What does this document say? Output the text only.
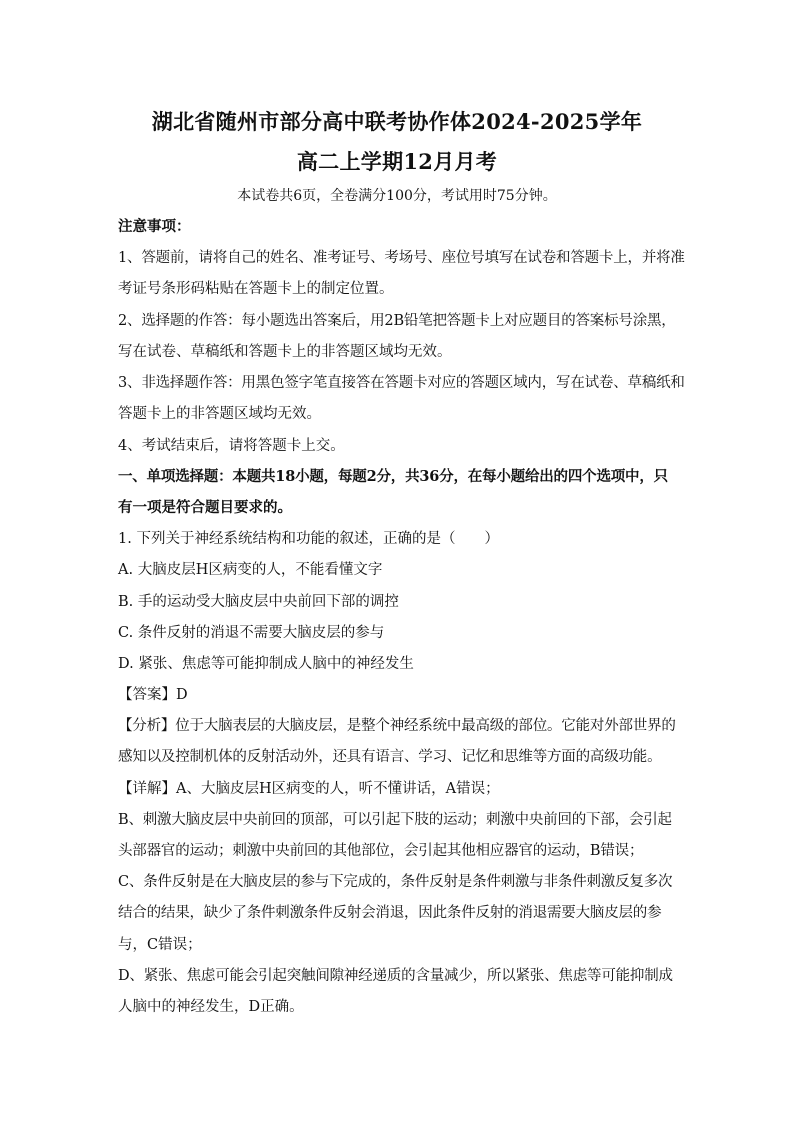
湖北省随州市部分高中联考协作体2024-2025学年
高二上学期12月月考
本试卷共6页，全卷满分100分，考试用时75分钟。
注意事项：
1、答题前，请将自己的姓名、准考证号、考场号、座位号填写在试卷和答题卡上，并将准
考证号条形码粘贴在答题卡上的制定位置。
2、选择题的作答：每小题选出答案后，用2B铅笔把答题卡上对应题目的答案标号涂黑，
写在试卷、草稿纸和答题卡上的非答题区域均无效。
3、非选择题作答：用黑色签字笔直接答在答题卡对应的答题区域内，写在试卷、草稿纸和
答题卡上的非答题区域均无效。
4、考试结束后，请将答题卡上交。
一、单项选择题：本题共18小题，每题2分，共36分，在每小题给出的四个选项中，只
有一项是符合题目要求的。
1. 下列关于神经系统结构和功能的叙述，正确的是（　　）
A. 大脑皮层H区病变的人，不能看懂文字
B. 手的运动受大脑皮层中央前回下部的调控
C. 条件反射的消退不需要大脑皮层的参与
D. 紧张、焦虑等可能抑制成人脑中的神经发生
【答案】D
【分析】位于大脑表层的大脑皮层，是整个神经系统中最高级的部位。它能对外部世界的
感知以及控制机体的反射活动外，还具有语言、学习、记忆和思维等方面的高级功能。
【详解】A、大脑皮层H区病变的人，听不懂讲话，A错误；
B、刺激大脑皮层中央前回的顶部，可以引起下肢的运动；刺激中央前回的下部，会引起
头部器官的运动；刺激中央前回的其他部位，会引起其他相应器官的运动，B错误；
C、条件反射是在大脑皮层的参与下完成的，条件反射是条件刺激与非条件刺激反复多次
结合的结果，缺少了条件刺激条件反射会消退，因此条件反射的消退需要大脑皮层的参
与，C错误；
D、紧张、焦虑可能会引起突触间隙神经递质的含量减少，所以紧张、焦虑等可能抑制成
人脑中的神经发生，D正确。
